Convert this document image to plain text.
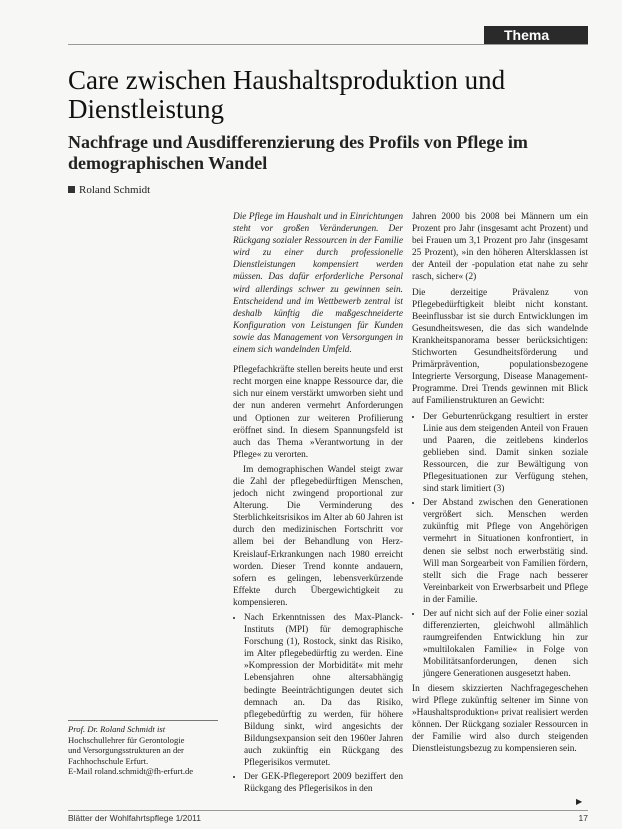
Thema
Care zwischen Haushaltsproduktion und Dienstleistung
Nachfrage und Ausdifferenzierung des Profils von Pflege im demographischen Wandel
Roland Schmidt

Die Pflege im Haushalt und in Einrichtungen steht vor großen Veränderungen. Der Rückgang sozialer Ressourcen in der Familie wird zu einer durch professionelle Dienstleistungen kompensiert werden müssen. Das dafür erforderliche Personal wird allerdings schwer zu gewinnen sein. Entscheidend und im Wettbewerb zentral ist deshalb künftig die maßgeschneiderte Konfiguration von Leistungen für Kunden sowie das Management von Versorgungen in einem sich wandelnden Umfeld.

Pflegefachkräfte stellen bereits heute und erst recht morgen eine knappe Ressource dar, die sich nur einem verstärkt umworben sieht und der nun anderen vermehrt Anforderungen und Optionen zur weiteren Profilierung eröffnet sind. In diesem Spannungsfeld ist auch das Thema »Verantwortung in der Pflege« zu verorten.

Im demographischen Wandel steigt zwar die Zahl der pflegebedürftigen Menschen, jedoch nicht zwingend proportional zur Alterung. Die Verminderung des Sterblichkeitsrisikos im Alter ab 60 Jahren ist durch den medizinischen Fortschritt vor allem bei der Behandlung von Herz-Kreislauf-Erkrankungen nach 1980 erreicht worden. Dieser Trend konnte andauern, sofern es gelingen, lebensverkürzende Effekte durch Übergewichtigkeit zu kompensieren.

• Nach Erkenntnissen des Max-Planck-Instituts (MPI) für demographische Forschung (1), Rostock, sinkt das Risiko, im Alter pflegebedürftig zu werden. Eine »Kompression der Morbidität« mit mehr Lebensjahren ohne altersabhängig bedingte Beeinträchtigungen deutet sich demnach an. Da das Risiko, pflegebedürftig zu werden, für höhere Bildung sinkt, wird angesichts der Bildungsexpansion seit den 1960er Jahren auch zukünftig ein Rückgang des Pflegerisikos vermutet.
• Der GEK-Pflegereport 2009 beziffert den Rückgang des Pflegerisikos in den

Jahren 2000 bis 2008 bei Männern um ein Prozent pro Jahr (insgesamt acht Prozent) und bei Frauen um 3,1 Prozent pro Jahr (insgesamt 25 Prozent), »in den höheren Altersklassen ist der Anteil der ‑population etat nahe zu sehr rasch, sicher« (2)

Die derzeitige Prävalenz von Pflegebedürftigkeit bleibt nicht konstant. Beeinflussbar ist sie durch Entwicklungen im Gesundheitswesen, die das sich wandelnde Krankheitspanorama besser berücksichtigen: Stichworten Gesundheitsförderung und Primärprävention, populationsbezogene Integrierte Versorgung, Disease Management-Programme. Drei Trends gewinnen mit Blick auf Familienstrukturen an Gewicht:

• Der Geburtenrückgang resultiert in erster Linie aus dem steigenden Anteil von Frauen und Paaren, die zeitlebens kinderlos geblieben sind. Damit sinken soziale Ressourcen, die zur Bewältigung von Pflegesituationen zur Verfügung stehen, sind stark limitiert (3)
• Der Abstand zwischen den Generationen vergrößert sich. Menschen werden zukünftig mit Pflege von Angehörigen vermehrt in Situationen konfrontiert, in denen sie selbst noch erwerbstätig sind. Will man Sorgearbeit von Familien fördern, stellt sich die Frage nach besserer Vereinbarkeit von Erwerbsarbeit und Pflege in der Familie.
• Der auf nicht sich auf der Folie einer sozial differenzierten, gleichwohl allmählich raumgreifenden Entwicklung hin zur »multilokalen Familie« in Folge von Mobilitätsanforderungen, denen sich jüngere Generationen ausgesetzt haben.

In diesem skizzierten Nachfragegeschehen wird Pflege zukünftig seltener im Sinne von »Haushaltsproduktion« privat realisiert werden können. Der Rückgang sozialer Ressourcen in der Familie wird also durch steigenden Dienstleistungsbezug zu kompensieren sein.

Prof. Dr. Roland Schmidt ist
Hochschullehrer für Gerontologie
und Versorgungsstrukturen an der
Fachhochschule Erfurt.
E-Mail roland.schmidt@fh-erfurt.de
▶
Blätter der Wohlfahrtspflege 1/2011	17
